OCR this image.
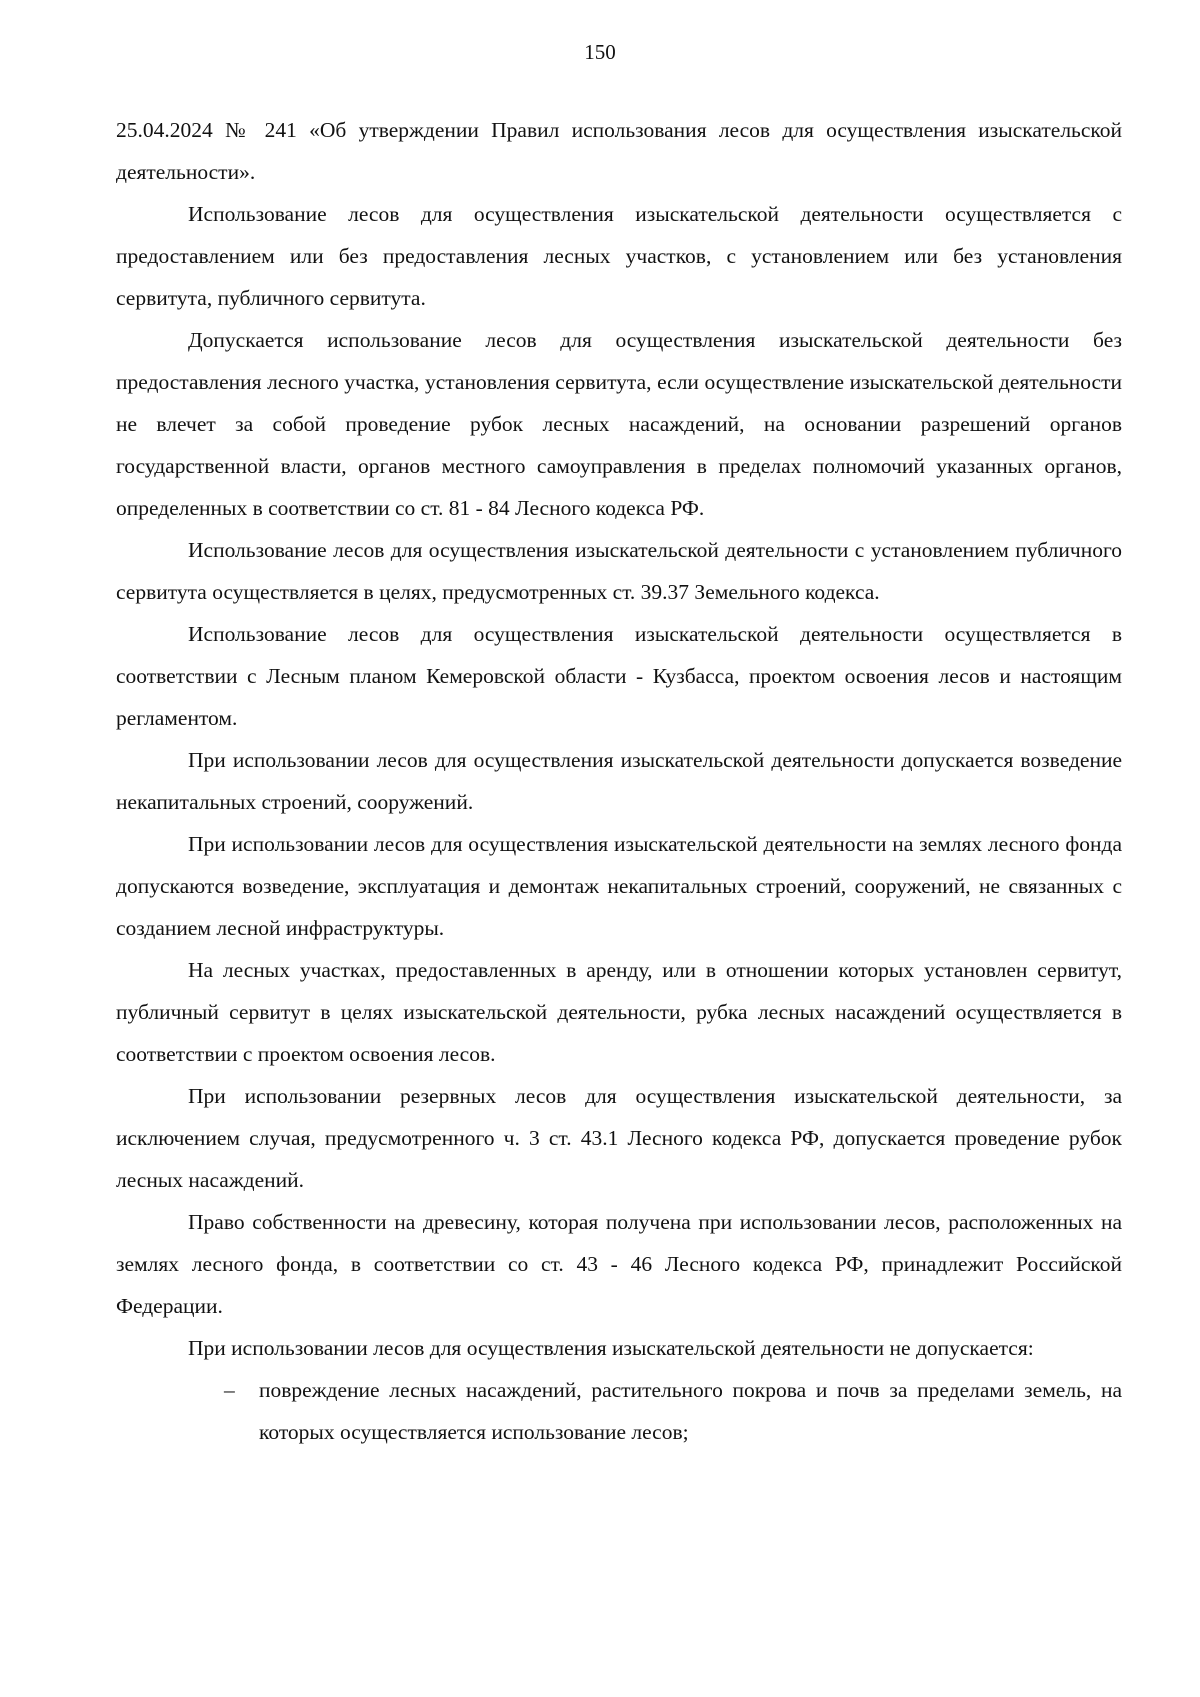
150

25.04.2024 № 241 «Об утверждении Правил использования лесов для осуществления изыскательской деятельности».

Использование лесов для осуществления изыскательской деятельности осуществляется с предоставлением или без предоставления лесных участков, с установлением или без установления сервитута, публичного сервитута.

Допускается использование лесов для осуществления изыскательской деятельности без предоставления лесного участка, установления сервитута, если осуществление изыскательской деятельности не влечет за собой проведение рубок лесных насаждений, на основании разрешений органов государственной власти, органов местного самоуправления в пределах полномочий указанных органов, определенных в соответствии со ст. 81 - 84 Лесного кодекса РФ.

Использование лесов для осуществления изыскательской деятельности с установлением публичного сервитута осуществляется в целях, предусмотренных ст. 39.37 Земельного кодекса.

Использование лесов для осуществления изыскательской деятельности осуществляется в соответствии с Лесным планом Кемеровской области - Кузбасса, проектом освоения лесов и настоящим регламентом.

При использовании лесов для осуществления изыскательской деятельности допускается возведение некапитальных строений, сооружений.

При использовании лесов для осуществления изыскательской деятельности на землях лесного фонда допускаются возведение, эксплуатация и демонтаж некапитальных строений, сооружений, не связанных с созданием лесной инфраструктуры.

На лесных участках, предоставленных в аренду, или в отношении которых установлен сервитут, публичный сервитут в целях изыскательской деятельности, рубка лесных насаждений осуществляется в соответствии с проектом освоения лесов.

При использовании резервных лесов для осуществления изыскательской деятельности, за исключением случая, предусмотренного ч. 3 ст. 43.1 Лесного кодекса РФ, допускается проведение рубок лесных насаждений.

Право собственности на древесину, которая получена при использовании лесов, расположенных на землях лесного фонда, в соответствии со ст. 43 - 46 Лесного кодекса РФ, принадлежит Российской Федерации.

При использовании лесов для осуществления изыскательской деятельности не допускается:

– повреждение лесных насаждений, растительного покрова и почв за пределами земель, на которых осуществляется использование лесов;
